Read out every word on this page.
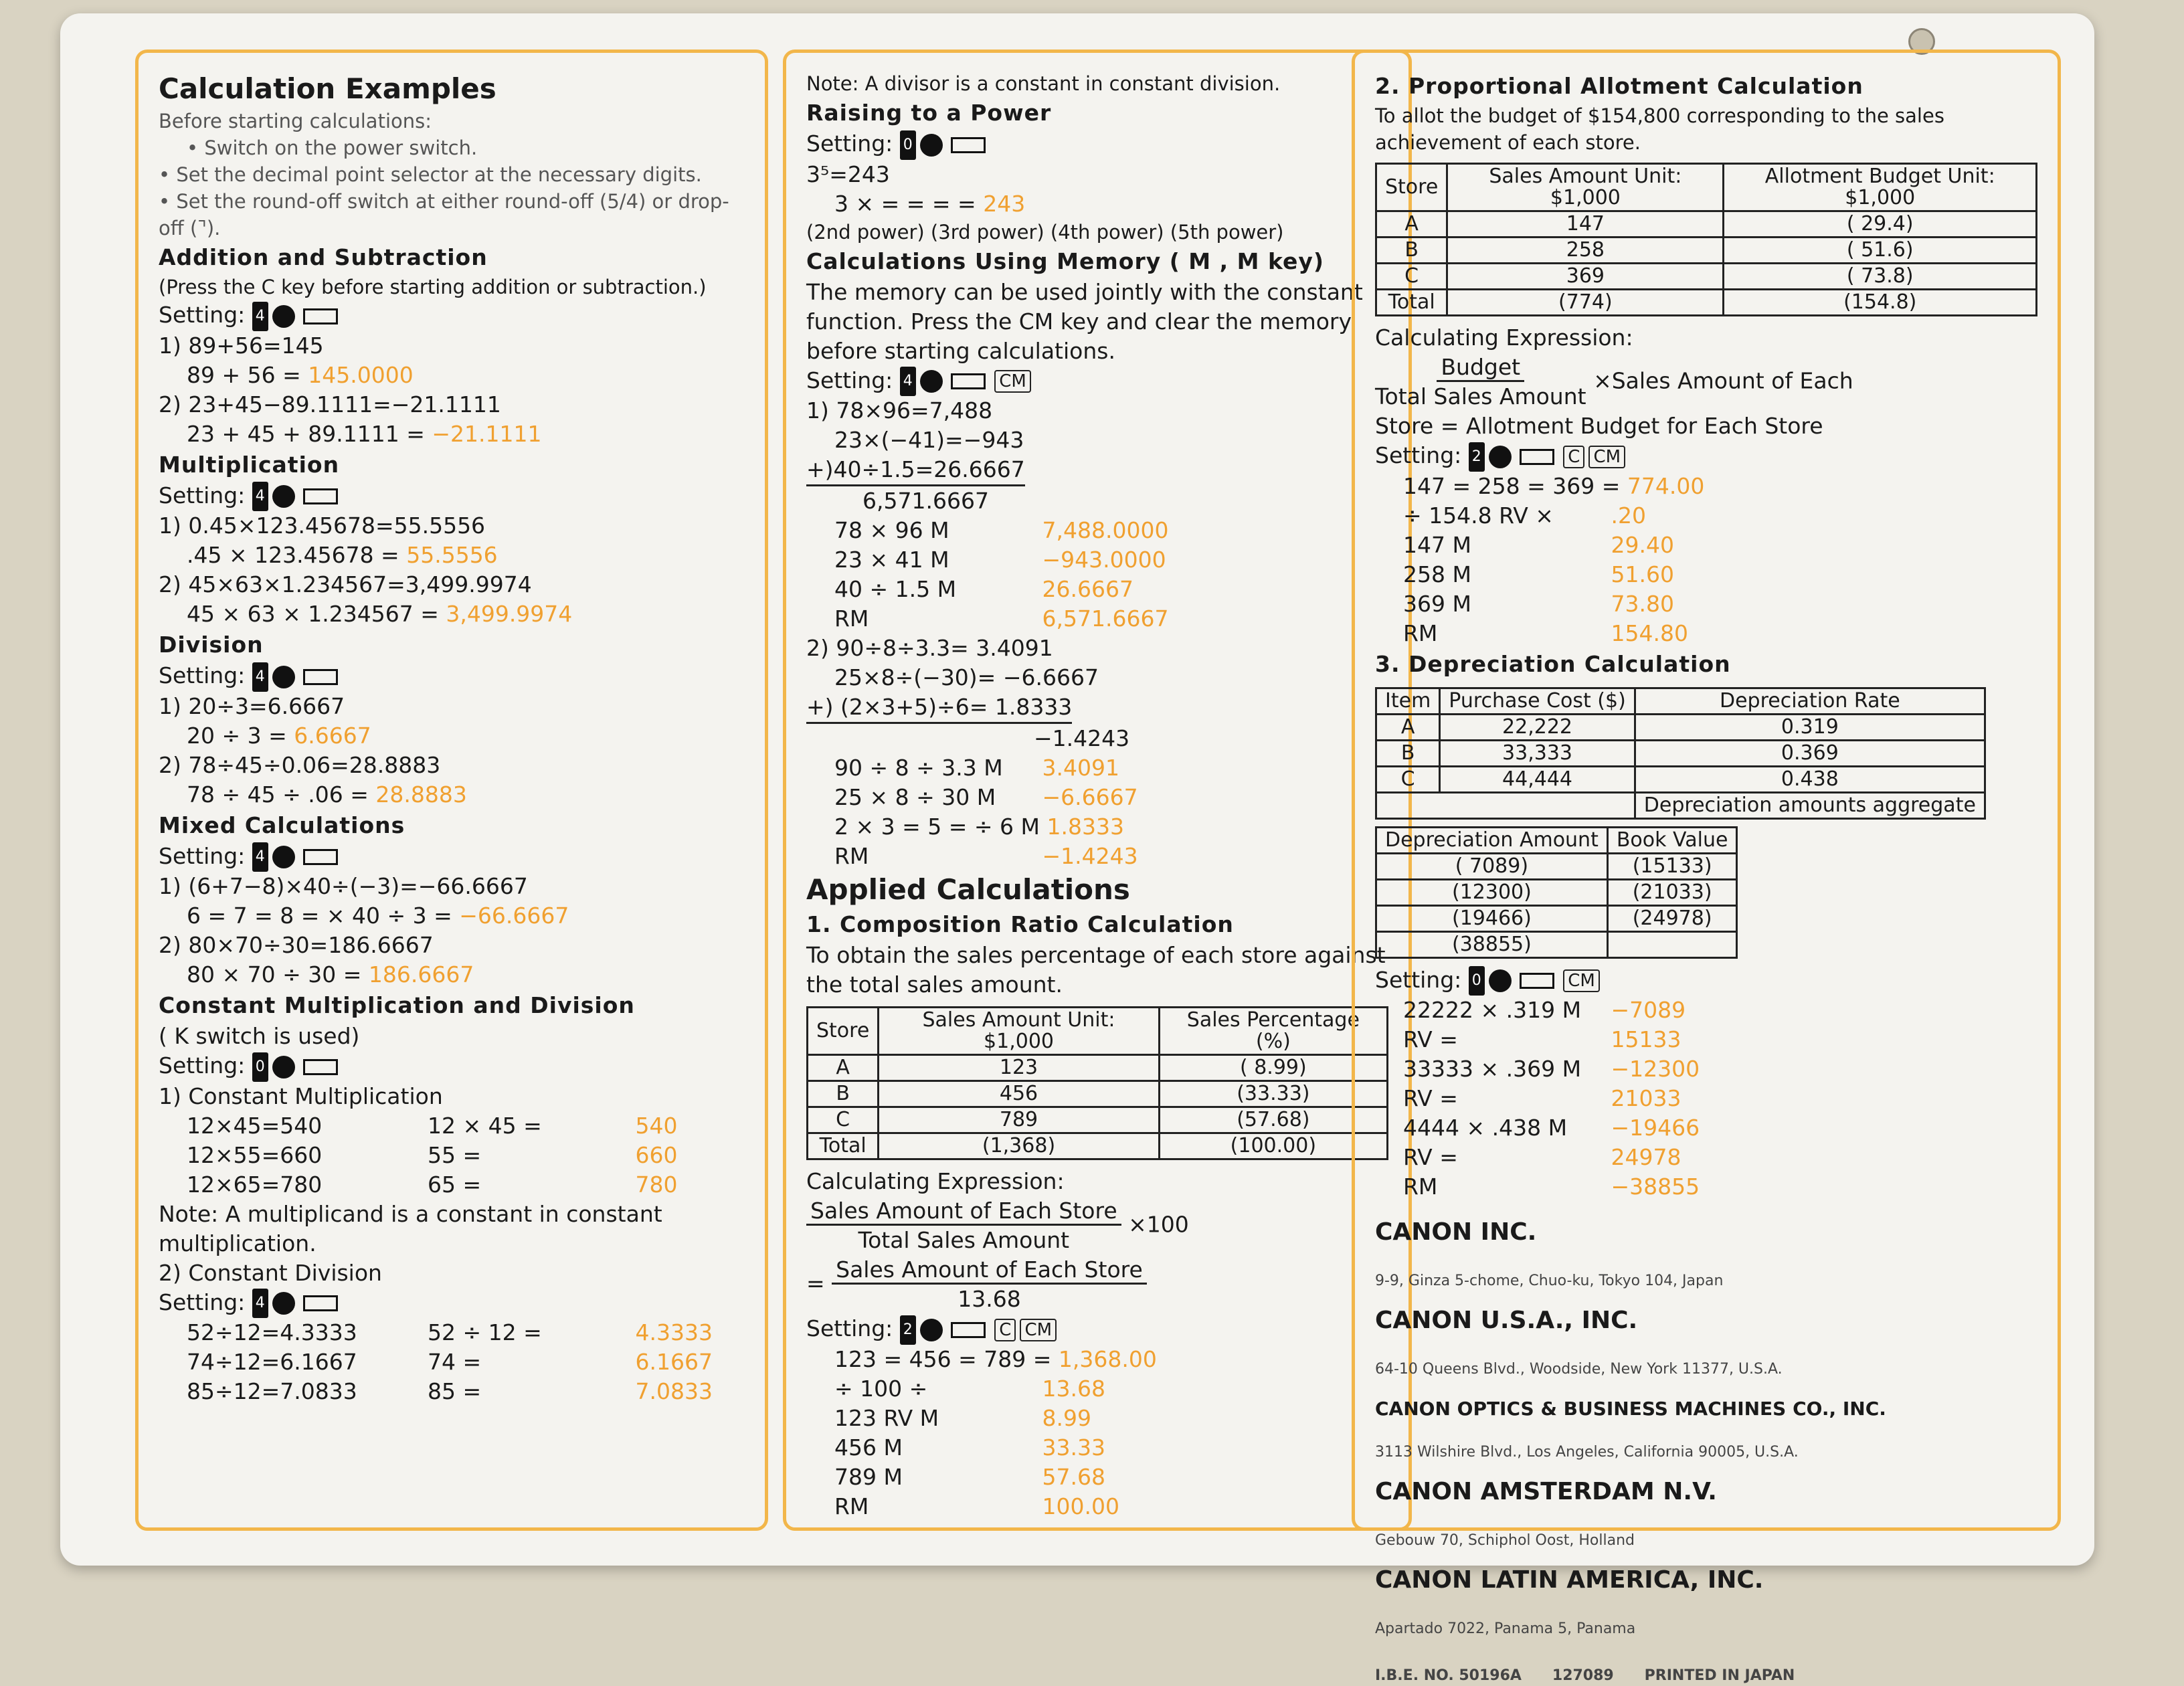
Calculation Examples

Before starting calculations:

• Switch on the power switch.

• Set the decimal point selector at the necessary digits.

• Set the round-off switch at either round-off (5/4) or drop-off (⌝).

Addition and Subtraction

(Press the C key before starting addition or subtraction.)

Setting: 4

1) 89+56=145

89 + 56 = 145.0000

2) 23+45−89.1111=−21.1111

23 + 45 + 89.1111 = −21.1111

Multiplication

Setting: 4

1) 0.45×123.45678=55.5556

.45 × 123.45678 = 55.5556

2) 45×63×1.234567=3,499.9974

45 × 63 × 1.234567 = 3,499.9974

Division

Setting: 4

1) 20÷3=6.6667

20 ÷ 3 = 6.6667

2) 78÷45÷0.06=28.8883

78 ÷ 45 ÷ .06 = 28.8883

Mixed Calculations

Setting: 4

1) (6+7−8)×40÷(−3)=−66.6667

6 = 7 = 8 = × 40 ÷ 3 = −66.6667

2) 80×70÷30=186.6667

80 × 70 ÷ 30 = 186.6667

Constant Multiplication and Division

( K switch is used)

Setting: 0

1) Constant Multiplication

12×45=540	12 × 45 =	540

12×55=660	55 =	660

12×65=780	65 =	780

Note: A multiplicand is a constant in constant multiplication.

2) Constant Division

Setting: 4

52÷12=4.3333	52 ÷ 12 =	4.3333

74÷12=6.1667	74 =	6.1667

85÷12=7.0833	85 =	7.0833

Note: A divisor is a constant in constant division.

Raising to a Power

Setting: 0

3⁵=243

3 × = = = = 243

(2nd power) (3rd power) (4th power) (5th power)

Calculations Using Memory ( M , M key)

The memory can be used jointly with the constant function. Press the CM key and clear the memory before starting calculations.

Setting: 4	CM

1) 78×96=7,488

23×(−41)=−943

+)40÷1.5=26.6667

6,571.6667

78 × 96 M	7,488.0000

23 × 41 M	−943.0000

40 ÷ 1.5 M	26.6667

RM	6,571.6667

2) 90÷8÷3.3= 3.4091

25×8÷(−30)= −6.6667

+) (2×3+5)÷6= 1.8333

−1.4243

90 ÷ 8 ÷ 3.3 M 3.4091

25 × 8 ÷ 30 M −6.6667

2 × 3 = 5 = ÷ 6 M 1.8333

RM	−1.4243

Applied Calculations

1. Composition Ratio Calculation

To obtain the sales percentage of each store against the total sales amount.

Store	Sales Amount Unit: $1,000	Sales Percentage (%)
A	123	( 8.99)
B	456	(33.33)
C	789	(57.68)
Total	(1,368)	(100.00)

Calculating Expression:

$\frac{\text{Sales Amount of Each Store}}{\text{Total Sales Amount}} \times 100$

= $\frac{\text{Sales Amount of Each Store}}{13.68}$

Setting: 2	C CM

123 = 456 = 789 = 1,368.00

÷ 100 ÷	13.68

123 RV M	8.99

456 M	33.33

789 M	57.68

RM	100.00

2. Proportional Allotment Calculation

To allot the budget of $154,800 corresponding to the sales achievement of each store.

Store	Sales Amount Unit: $1,000	Allotment Budget Unit: $1,000
A	147	( 29.4)
B	258	( 51.6)
C	369	( 73.8)
Total	(774)	(154.8)

Calculating Expression:

$\frac{\text{Budget}}{\text{Total Sales Amount}}$ ×Sales Amount of Each

Store = Allotment Budget for Each Store

Setting: 2	C CM

147 = 258 = 369 = 774.00

÷ 154.8 RV ×	.20

147 M	29.40

258 M	51.60

369 M	73.80

RM	154.80

3. Depreciation Calculation

Item	Purchase Cost ($)	Depreciation Rate
A	22,222	0.319
B	33,333	0.369
C	44,444	0.438
		Depreciation amounts aggregate
Depreciation Amount	Book Value
( 7089)	(15133)
(12300)	(21033)
(19466)	(24978)
(38855)	

Setting: 0	CM

22222 × .319 M −7089

RV =	15133

33333 × .369 M −12300

RV =	21033

4444 × .438 M −19466

RV =	24978

RM	−38855

CANON INC.

9-9, Ginza 5-chome, Chuo-ku, Tokyo 104, Japan

CANON U.S.A., INC.

64-10 Queens Blvd., Woodside, New York 11377, U.S.A.

CANON OPTICS & BUSINESS MACHINES CO., INC.

3113 Wilshire Blvd., Los Angeles, California 90005, U.S.A.

CANON AMSTERDAM N.V.

Gebouw 70, Schiphol Oost, Holland

CANON LATIN AMERICA, INC.

Apartado 7022, Panama 5, Panama

I.B.E. NO. 50196A      127089      PRINTED IN JAPAN
